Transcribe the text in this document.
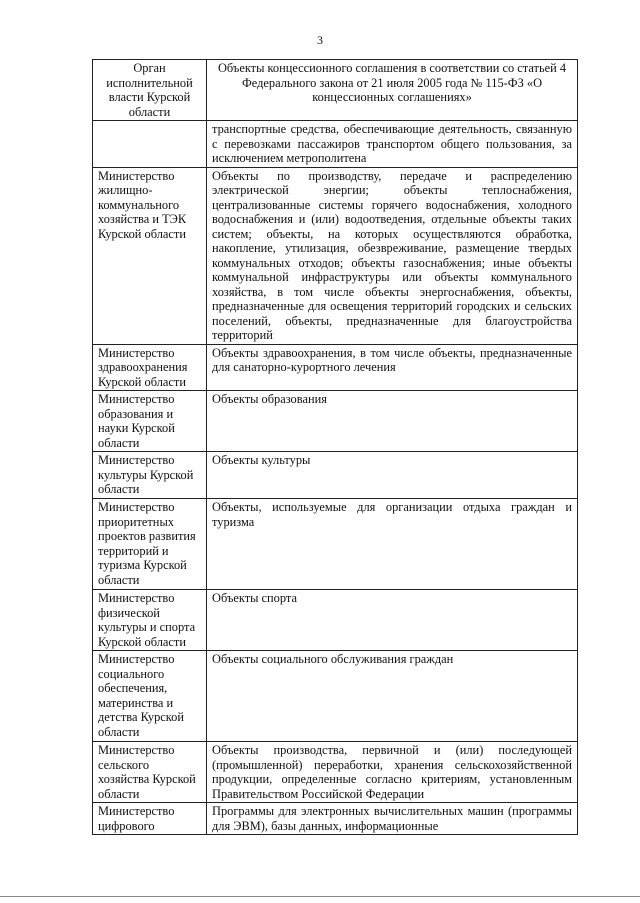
3
Орган исполнительной власти Курской области	Объекты концессионного соглашения в соответствии со статьей 4 Федерального закона от 21 июля 2005 года № 115-ФЗ «О концессионных соглашениях»
	транспортные средства, обеспечивающие деятельность, связанную с перевозками пассажиров транспортом общего пользования, за исключением метрополитена
Министерство жилищно-коммунального хозяйства и ТЭК Курской области	Объекты по производству, передаче и распределению электрической энергии; объекты теплоснабжения, централизованные системы горячего водоснабжения, холодного водоснабжения и (или) водоотведения, отдельные объекты таких систем; объекты, на которых осуществляются обработка, накопление, утилизация, обезвреживание, размещение твердых коммунальных отходов; объекты газоснабжения; иные объекты коммунальной инфраструктуры или объекты коммунального хозяйства, в том числе объекты энергоснабжения, объекты, предназначенные для освещения территорий городских и сельских поселений, объекты, предназначенные для благоустройства территорий
Министерство здравоохранения Курской области	Объекты здравоохранения, в том числе объекты, предназначенные для санаторно-курортного лечения
Министерство образования и науки Курской области	Объекты образования
Министерство культуры Курской области	Объекты культуры
Министерство приоритетных проектов развития территорий и туризма Курской области	Объекты, используемые для организации отдыха граждан и туризма
Министерство физической культуры и спорта Курской области	Объекты спорта
Министерство социального обеспечения, материнства и детства Курской области	Объекты социального обслуживания граждан
Министерство сельского хозяйства Курской области	Объекты производства, первичной и (или) последующей (промышленной) переработки, хранения сельскохозяйственной продукции, определенные согласно критериям, установленным Правительством Российской Федерации
Министерство цифрового	Программы для электронных вычислительных машин (программы для ЭВМ), базы данных, информационные
